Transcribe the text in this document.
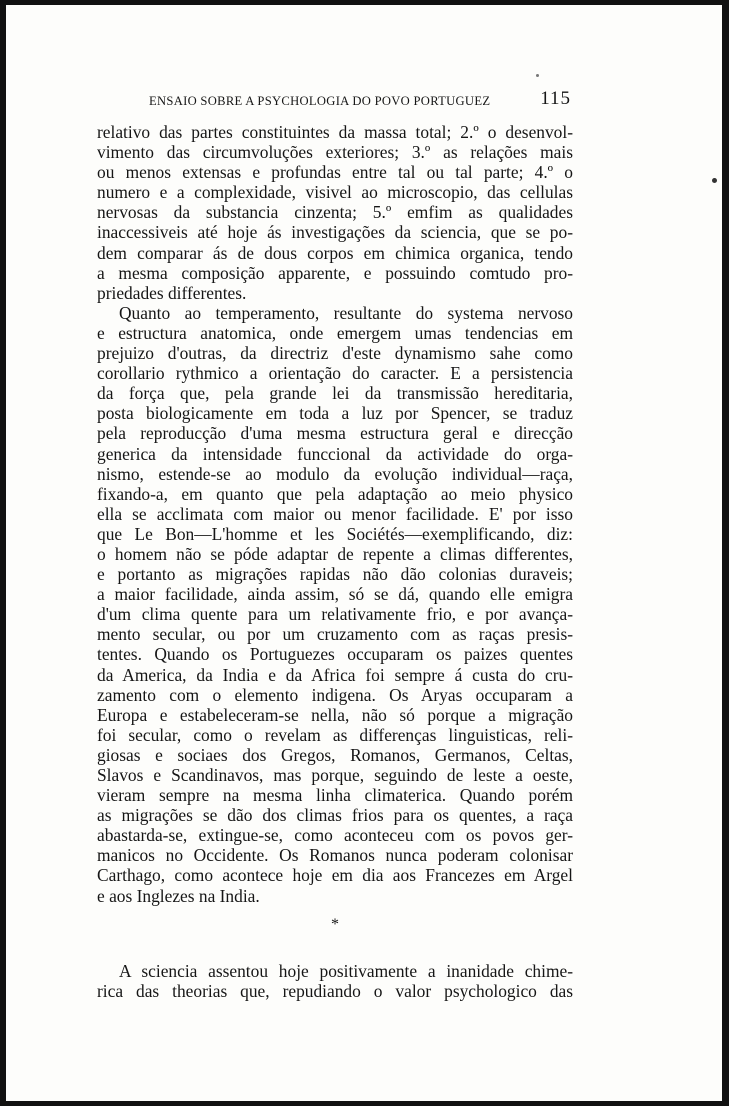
ENSAIO SOBRE A PSYCHOLOGIA DO POVO PORTUGUEZ	115
relativo das partes constituintes da massa total; 2.º o desenvol-
vimento das circumvoluções exteriores; 3.º as relações mais
ou menos extensas e profundas entre tal ou tal parte; 4.º o
numero e a complexidade, visivel ao microscopio, das cellulas
nervosas da substancia cinzenta; 5.º emfim as qualidades
inaccessiveis até hoje ás investigações da sciencia, que se po-
dem comparar ás de dous corpos em chimica organica, tendo
a mesma composição apparente, e possuindo comtudo pro-
priedades differentes.
Quanto ao temperamento, resultante do systema nervoso
e estructura anatomica, onde emergem umas tendencias em
prejuizo d'outras, da directriz d'este dynamismo sahe como
corollario rythmico a orientação do caracter. E a persistencia
da força que, pela grande lei da transmissão hereditaria,
posta biologicamente em toda a luz por Spencer, se traduz
pela reproducção d'uma mesma estructura geral e direcção
generica da intensidade funccional da actividade do orga-
nismo, estende-se ao modulo da evolução individual—raça,
fixando-a, em quanto que pela adaptação ao meio physico
ella se acclimata com maior ou menor facilidade. E' por isso
que Le Bon—L'homme et les Sociétés—exemplificando, diz:
o homem não se póde adaptar de repente a climas differentes,
e portanto as migrações rapidas não dão colonias duraveis;
a maior facilidade, ainda assim, só se dá, quando elle emigra
d'um clima quente para um relativamente frio, e por avança-
mento secular, ou por um cruzamento com as raças presis-
tentes. Quando os Portuguezes occuparam os paizes quentes
da America, da India e da Africa foi sempre á custa do cru-
zamento com o elemento indigena. Os Aryas occuparam a
Europa e estabeleceram-se nella, não só porque a migração
foi secular, como o revelam as differenças linguisticas, reli-
giosas e sociaes dos Gregos, Romanos, Germanos, Celtas,
Slavos e Scandinavos, mas porque, seguindo de leste a oeste,
vieram sempre na mesma linha climaterica. Quando porém
as migrações se dão dos climas frios para os quentes, a raça
abastarda-se, extingue-se, como aconteceu com os povos ger-
manicos no Occidente. Os Romanos nunca poderam colonisar
Carthago, como acontece hoje em dia aos Francezes em Argel
e aos Inglezes na India.
*
A sciencia assentou hoje positivamente a inanidade chime-
rica das theorias que, repudiando o valor psychologico das
